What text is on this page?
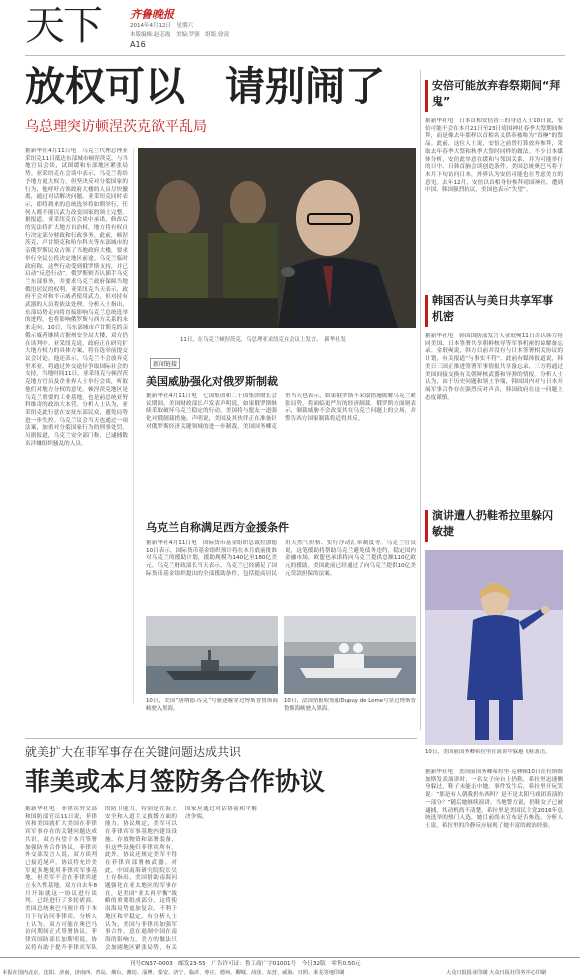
天下	齐鲁晚报
2014年4月12日　星期六
本版编辑:赵芯霞　美编:罗强　组版:徐凌
A16
放权可以　请别闹了
乌总理突访顿涅茨克欲平乱局
据新华社4月11日电　乌克兰代理总理亚采纽克11日抵达东部城市顿涅茨克，与当地官员会谈，试图缓和东部地区紧张局势。亚采纽克在会谈中表示，乌克兰将给予地方更大权力，但坚决反对分裂国家的行为，他呼吁占领政府大楼的人员尽快撤离，通过对话解决问题。亚采纽克同时表示，即将到来的总统选举将如期举行，任何人都不能以武力改变国家的领土完整。据报道，亚采纽克在会谈中承诺，修改后的宪法将扩大地方自治权，地方将有权自行决定部分财政和行政事务。此前，顿涅茨克、卢甘斯克和哈尔科夫等东部城市的亲俄罗斯民众占领了当地政府大楼，要求举行全民公投决定地区前途。乌克兰临时政府称，这些行动受到俄罗斯支持，并已启动“反恐行动”。俄罗斯则否认插手乌克兰东部事务，并要求乌克兰政府保障当地俄语居民的权利。亚采纽克当天表示，政府不会对和平示威者使用武力，但对持有武器的人员将依法处理。分析人士指出，东部局势走向将直接影响乌克兰总统选举的进程，也将影响俄罗斯与西方关系的未来走向。10日，乌东部城市卢甘斯克的亲俄示威者继续占据州安全局大楼，双方仍在谈判中。亚采纽克说，政府正在研究扩大地方权力的具体方案，将在选举前提交议会讨论。他还表示，乌克兰不会放弃克里米亚，将通过外交途径争取国际社会的支持。当地时间11日，亚采纽克与顿涅茨克地方官员及企业界人士举行会谈，听取他们对地方分权的意见。顿涅茨克地区是乌克兰重要的工业基地，也是前总统亚努科维奇的政治大本营。分析人士认为，亚采纽克此行意在安抚东部民众，避免局势进一步失控。乌克兰议会当天也通过一项法案，加重对分裂国家行为的刑事处罚。另据报道，乌克兰安全部门称，已逮捕数名涉嫌组织骚乱的人员。
11日，在乌克兰顿涅茨克，乌总理亚采纽克在会议上发言。　新华社发
新闻链接
美国威胁强化对俄罗斯制裁
据新华社4月11日电　七国集团和二十国集团财长会议期间，美国财政部长卢发表声明说，如果俄罗斯继续采取破坏乌克兰稳定的行动，美国将与盟友一道强化对俄制裁措施。声明说，美国及其伙伴正在准备针对俄罗斯经济关键领域的进一步制裁。美国国务卿克里当天也表示，如果俄罗斯不采取措施缓解乌克兰紧张局势，将面临更严厉的经济制裁。俄罗斯方面则表示，制裁威胁不会改变其在乌克兰问题上的立场，并警告西方国家制裁将适得其反。
乌克兰自称满足西方金援条件
据新华社4月11日电　国际货币基金组织总裁拉加德10日表示，国际货币基金组织预计将在本月底前批准对乌克兰的援助计划，援助规模为140亿至180亿美元。乌克兰财政部长当天表示，乌克兰已经满足了国际货币基金组织提出的全部援助条件，包括提高居民用天然气价格、实行浮动汇率制度等。乌克兰官员说，这笔援助将帮助乌克兰避免债务违约，稳定国内金融市场。欧盟也承诺将向乌克兰提供总额110亿欧元的援助。美国此前已经通过了向乌克兰提供10亿美元贷款担保的法案。
10日，美国“唐纳德·库克”号驱逐舰穿过博斯普鲁斯海峡驶入黑海。
10日，法国情报收集船Dupuy de Lome号穿过博斯普鲁斯海峡驶入黑海。
安倍可能放弃春祭期间“拜鬼”
据新华社电　日本首相安倍晋三的身边人士10日说，安倍可能不会在本月21日至23日靖国神社春季大祭期间参拜，而是像去年那样以首相名义供奉被称为“真榊”的祭品。此前，这位人士说，安倍之前曾打算放弃参拜，采取去年春季大祭和秋季大祭时同样的做法。不少日本媒体分析，安倍此举意在缓和与邻国关系，并为可能举行的日中、日韩首脑会谈创造条件。美国总统奥巴马将于本月下旬访问日本，外界认为安倍可能也在考虑美方的意见。去年12月，安倍以首相身份参拜靖国神社，遭到中国、韩国强烈抗议，美国也表示“失望”。
韩国否认与美日共享军事机密
据新华社电　韩国国防部发言人金珉奭11日否认韩方将同美国、日本签署共享朝鲜核导等军事机密的谅解备忘录。金珉奭说，韩方目前并没有与日本签署相关协议的计划，有关报道“与事实不符”。此前有媒体报道说，韩美日三国正推进签署军事情报共享备忘录，三方将通过美国间接交换有关朝鲜核武器和导弹的情报。分析人士认为，由于历史问题和领土争端，韩国国内对与日本开展军事合作存在强烈反对声音，韩国政府在这一问题上态度谨慎。
演讲遭人扔鞋希拉里躲闪敏捷
10日，美国前国务卿希拉里在演讲中躲避飞鞋袭击。
据新华社电　美国前国务卿希拉里·克林顿10日在拉斯维加斯发表演讲时，一名女子向台上扔鞋，希拉里迅速侧身躲过，鞋子未能击中她。事件发生后，希拉里开玩笑说：“那是有人朝我扔东西吗？是不是太阳马戏团表演的一部分？”随后她继续演讲。当地警方说，扔鞋女子已被逮捕，其动机尚不清楚。希拉里是美国民主党2016年总统选举的热门人选，她目前尚未宣布是否参选。分析人士说，希拉里的冷静反应展现了她丰富的政治经验。
就美扩大在菲军事存在关键问题达成共识
菲美或本月签防务合作协议
据新华社电　菲律宾外交部和国防部官员11日说，菲律宾和美国就扩大美国在菲律宾军事存在的关键问题达成共识，双方有望于本月签署加强防务合作协议。菲律宾外交部发言人说，双方谈判已接近尾声，协议将允许美军更多地使用菲律宾军事基地，但美军不会在菲律宾建立永久性基地。双方自去年8月开始就这一协议进行谈判，已经进行了多轮磋商。美国总统奥巴马预计将于本月下旬访问菲律宾，分析人士认为，双方可能在奥巴马访问期间正式签署协议。菲律宾国防部长加斯明说，协议将有助于提升菲律宾军队的防卫能力，特别是在海上安全和人道主义救援方面的能力。协议规定，美军可以在菲律宾军事基地内建设设施、存放物资和部署装备，但这些设施归菲律宾所有。此外，协议还规定美军不得在菲律宾部署核武器。对此，中国南海研究院院长吴士存指出，美国借助南海问题强化在亚太地区的军事存在，是美国“亚太再平衡”战略的重要组成部分，这将使南海局势更加复杂，不利于地区和平稳定。有分析人士认为，美国与菲律宾加强军事合作，意在遏制中国在南海的影响力，美方的做法只会加剧地区紧张局势，有关国家应通过对话协商和平解决争端。
刊号CN37-0003　邮发23-55　广告许可证：鲁工商广字01001号　今日32版　零售0.50元
本报在国内北京、沈阳、济南、济南西、青岛、烟台、潍坊、淄博、泰安、济宁、临沂、枣庄、德州、聊城、菏泽、东营、威海、日照、莱芜等地印刷	大众日报报业印刷 大众日报社印务中心印刷
